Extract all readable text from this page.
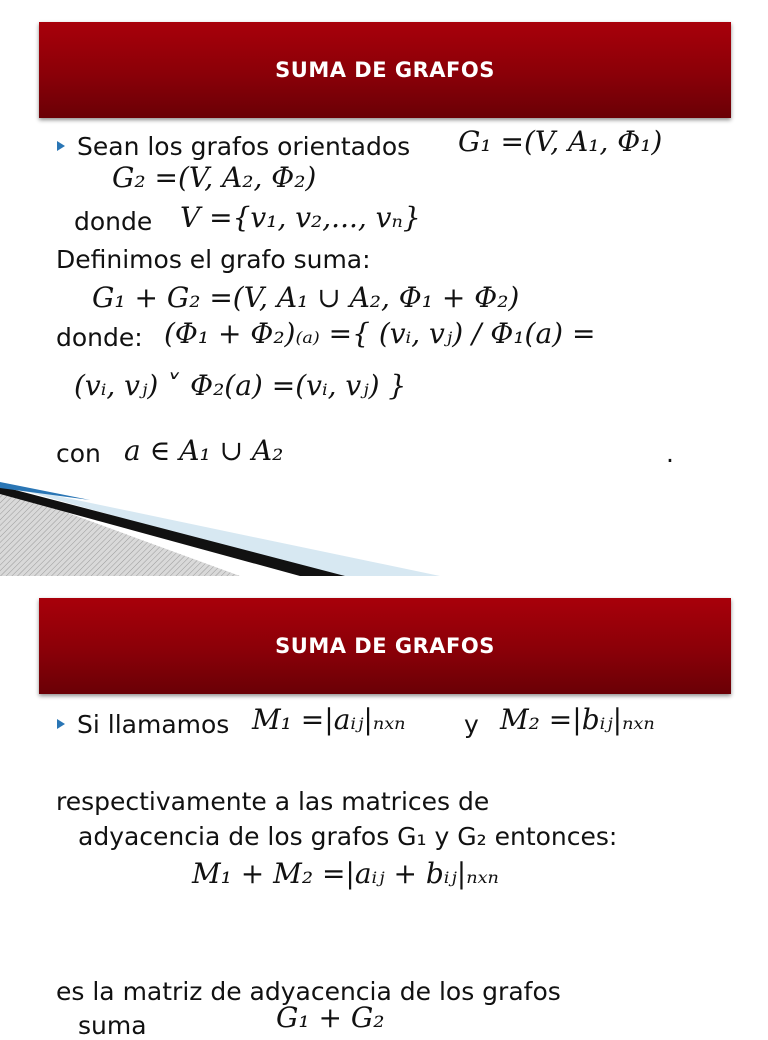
SUMA DE GRAFOS
Sean los grafos orientados G₁ =(V, A₁, Φ₁)
G₂ =(V, A₂, Φ₂)
donde V ={v₁, v₂,..., vₙ}
Definimos el grafo suma:
G₁ + G₂ =(V, A₁ ∪ A₂, Φ₁ + Φ₂)
donde: (Φ₁ + Φ₂)₍ₐ₎ ={ (vᵢ, vⱼ) / Φ₁(a) =
(vᵢ, vⱼ) ˅ Φ₂(a) =(vᵢ, vⱼ) }
con a ∈ A₁ ∪ A₂	.
SUMA DE GRAFOS
Si llamamos M₁ =|aᵢⱼ|ₙₓₙ y M₂ =|bᵢⱼ|ₙₓₙ
respectivamente a las matrices de
adyacencia de los grafos G₁ y G₂ entonces:
M₁ + M₂ =|aᵢⱼ + bᵢⱼ|ₙₓₙ
es la matriz de adyacencia de los grafos
suma	G₁ + G₂
